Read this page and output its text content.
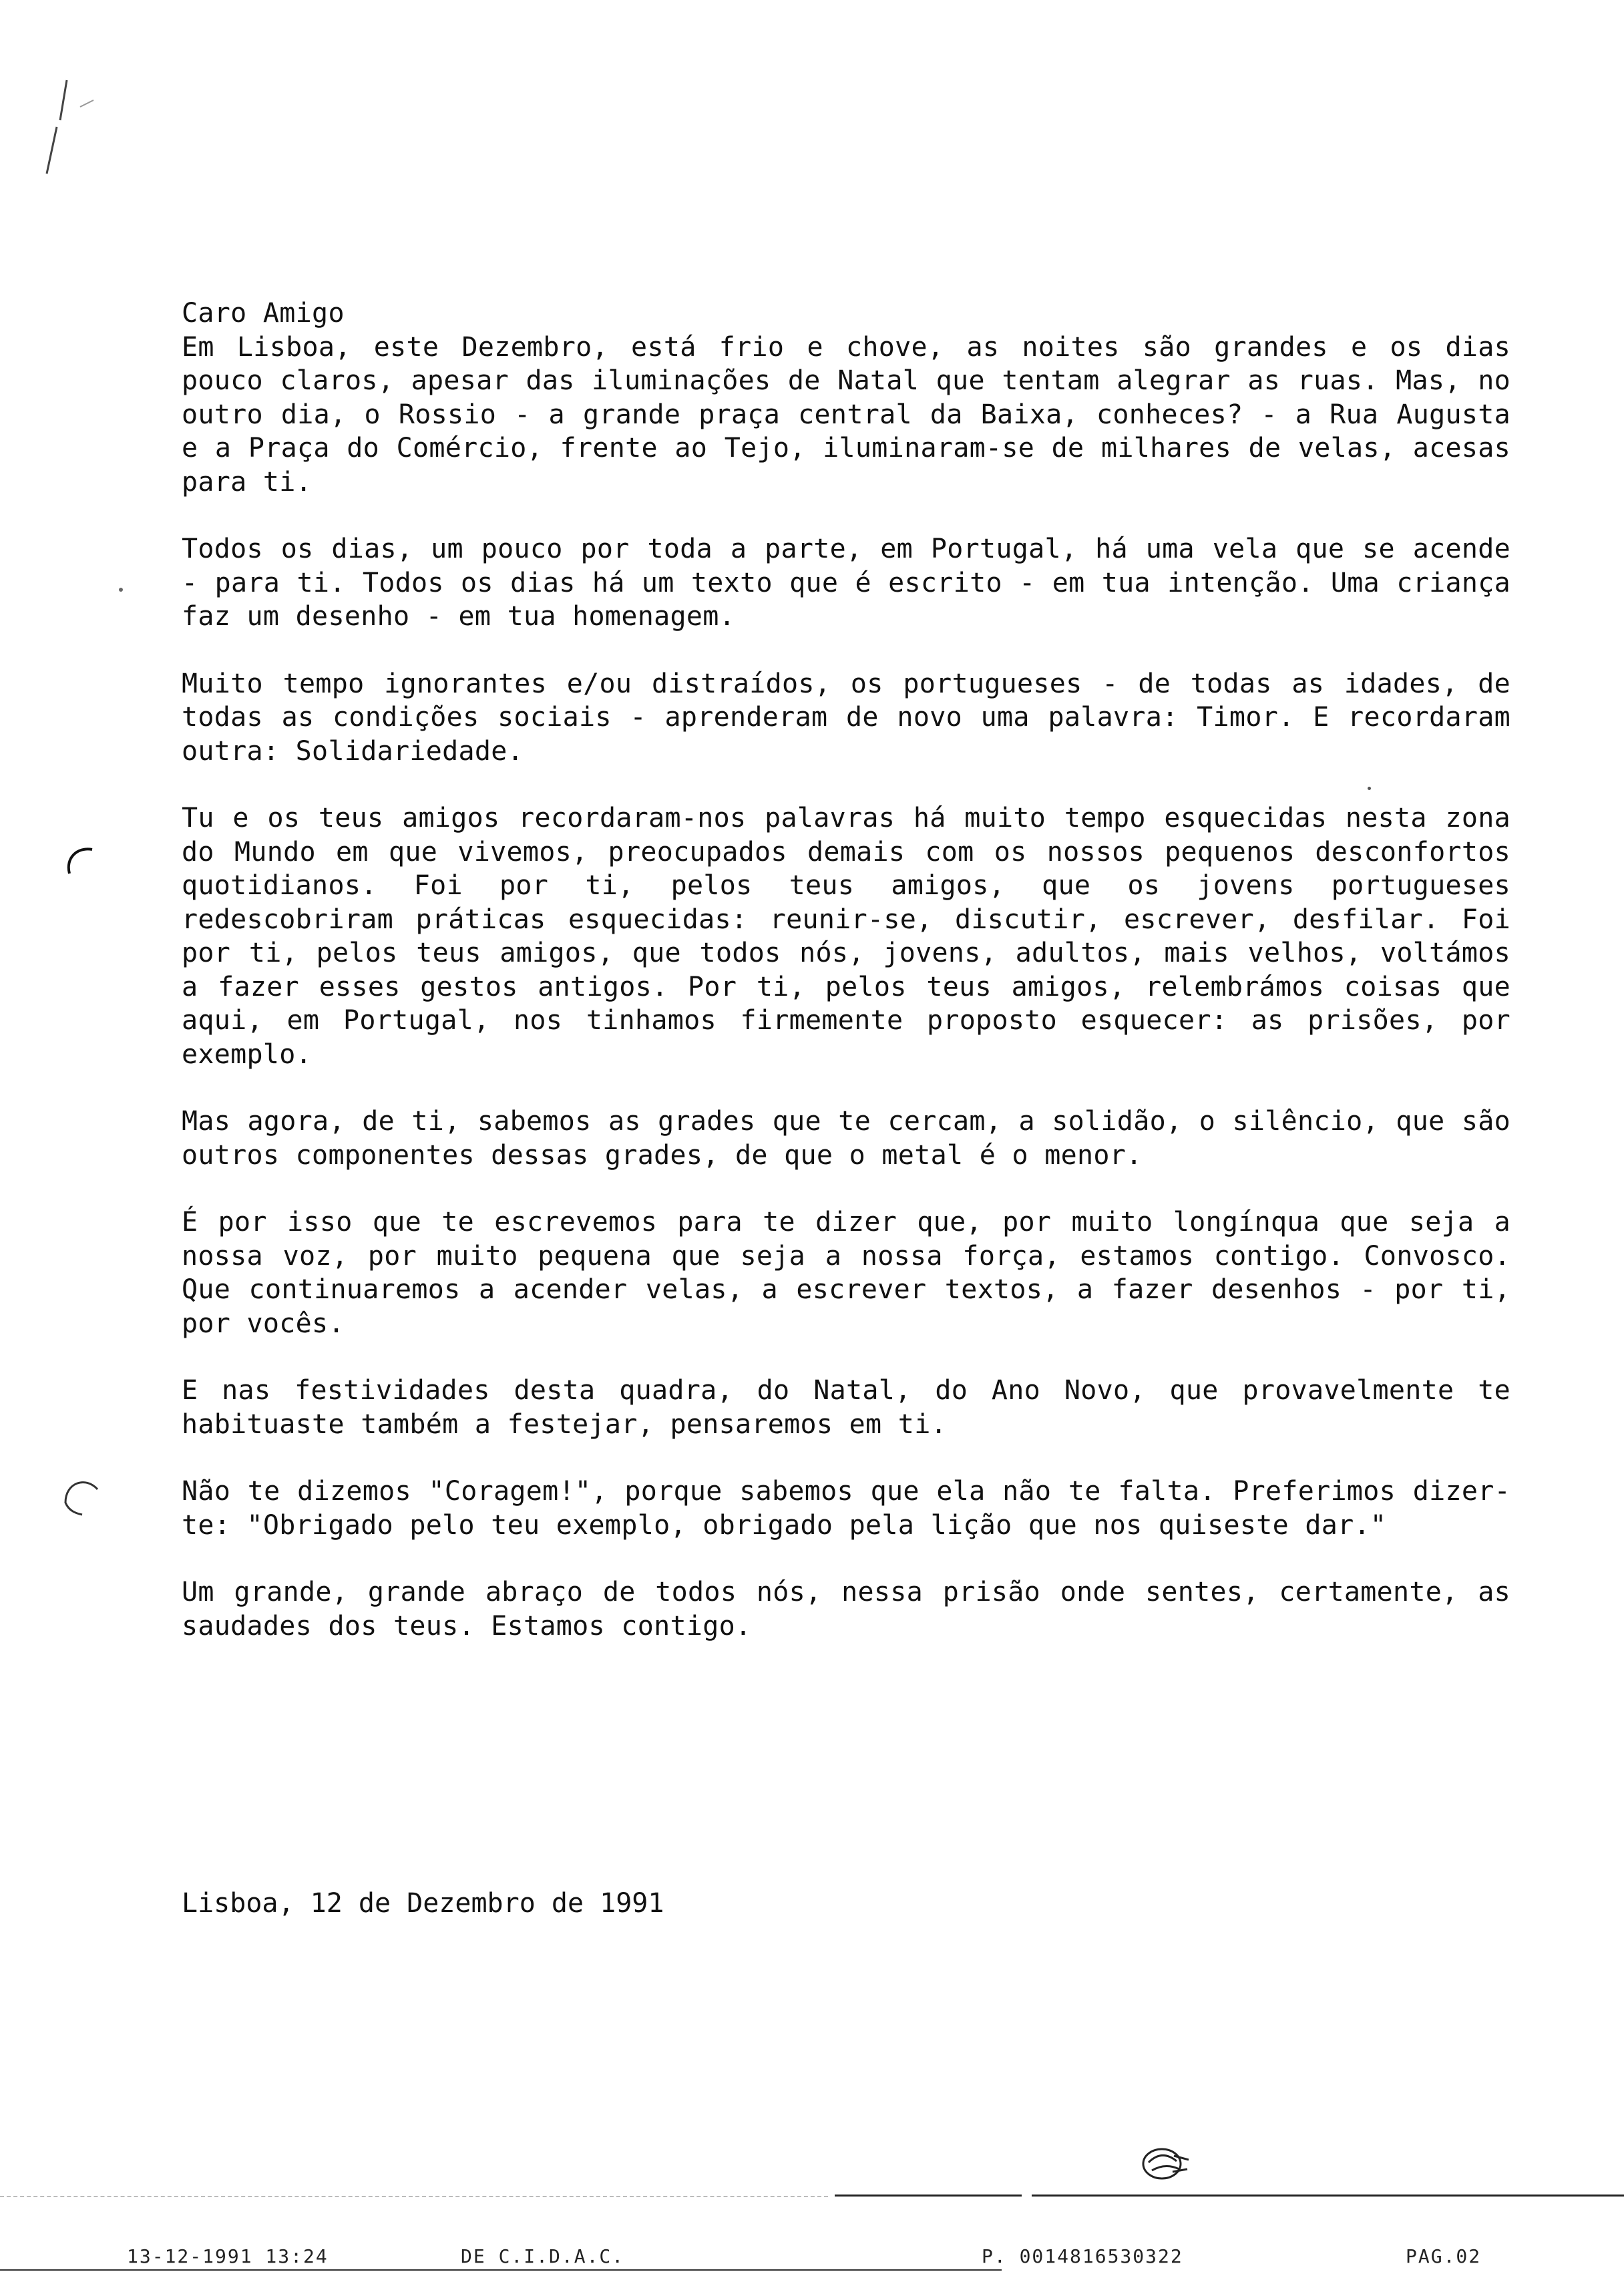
Caro Amigo

Em Lisboa, este Dezembro, está frio e chove, as noites são grandes e os dias pouco claros, apesar das iluminações de Natal que tentam alegrar as ruas. Mas, no outro dia, o Rossio - a grande praça central da Baixa, conheces? - a Rua Augusta e a Praça do Comércio, frente ao Tejo, iluminaram-se de milhares de velas, acesas para ti.

Todos os dias, um pouco por toda a parte, em Portugal, há uma vela que se acende - para ti. Todos os dias há um texto que é escrito - em tua intenção. Uma criança faz um desenho - em tua homenagem.

Muito tempo ignorantes e/ou distraídos, os portugueses - de todas as idades, de todas as condições sociais - aprenderam de novo uma palavra: Timor. E recordaram outra: Solidariedade.

Tu e os teus amigos recordaram-nos palavras há muito tempo esquecidas nesta zona do Mundo em que vivemos, preocupados demais com os nossos pequenos desconfortos quotidianos. Foi por ti, pelos teus amigos, que os jovens portugueses redescobriram práticas esquecidas: reunir-se, discutir, escrever, desfilar. Foi por ti, pelos teus amigos, que todos nós, jovens, adultos, mais velhos, voltámos a fazer esses gestos antigos. Por ti, pelos teus amigos, relembrámos coisas que aqui, em Portugal, nos tinhamos firmemente proposto esquecer: as prisões, por exemplo.

Mas agora, de ti, sabemos as grades que te cercam, a solidão, o silêncio, que são outros componentes dessas grades, de que o metal é o menor.

É por isso que te escrevemos para te dizer que, por muito longínqua que seja a nossa voz, por muito pequena que seja a nossa força, estamos contigo. Convosco. Que continuaremos a acender velas, a escrever textos, a fazer desenhos - por ti, por vocês.

E nas festividades desta quadra, do Natal, do Ano Novo, que provavelmente te habituaste também a festejar, pensaremos em ti.

Não te dizemos "Coragem!", porque sabemos que ela não te falta. Preferimos dizer-te: "Obrigado pelo teu exemplo, obrigado pela lição que nos quiseste dar."

Um grande, grande abraço de todos nós, nessa prisão onde sentes, certamente, as saudades dos teus. Estamos contigo.

Lisboa, 12 de Dezembro de 1991
13-12-1991 13:24	DE C.I.D.A.C.	P. 0014816530322	PAG.02
